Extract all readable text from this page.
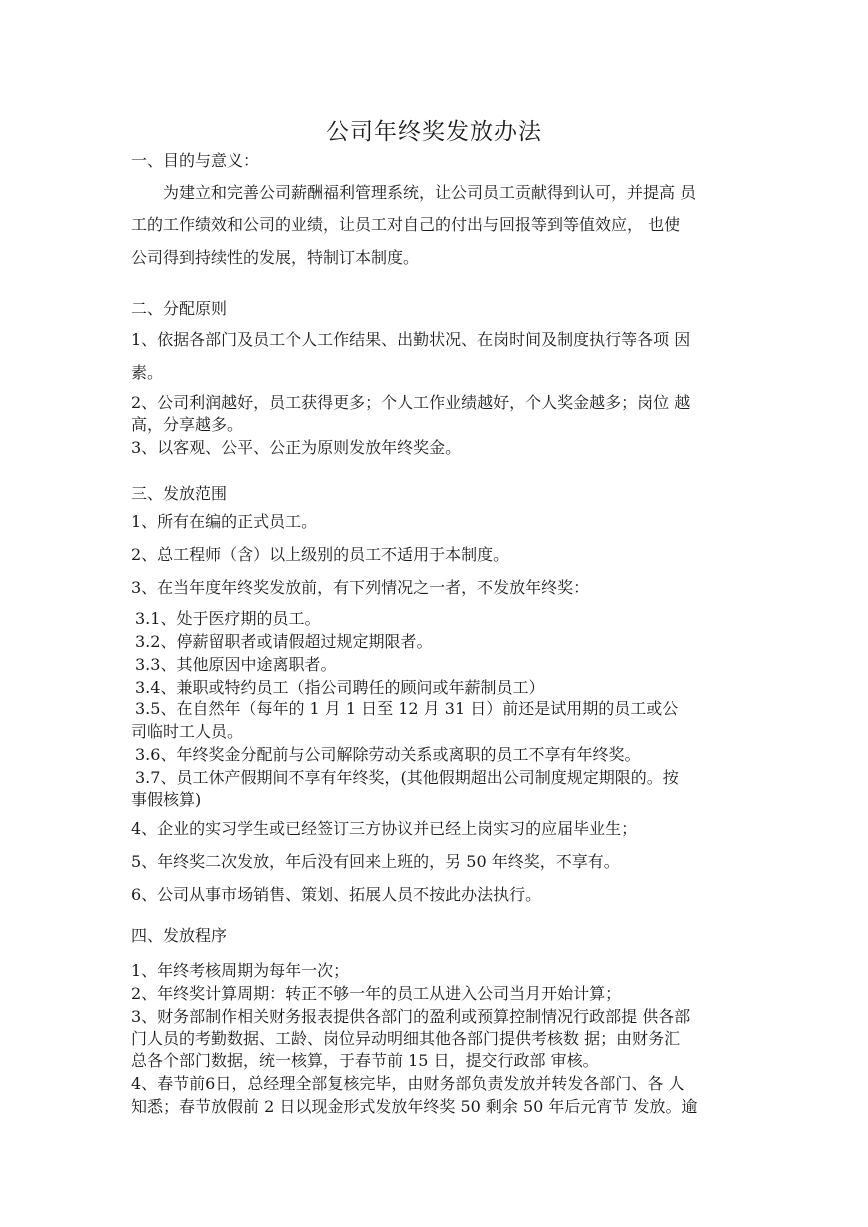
公司年终奖发放办法
一、目的与意义：
为建立和完善公司薪酬福利管理系统，让公司员工贡献得到认可，并提高 员
工的工作绩效和公司的业绩，让员工对自己的付出与回报等到等值效应， 也使
公司得到持续性的发展，特制订本制度。
二、分配原则
1、依据各部门及员工个人工作结果、出勤状况、在岗时间及制度执行等各项 因
素。
2、公司利润越好，员工获得更多；个人工作业绩越好，个人奖金越多；岗位 越
高，分享越多。
3、以客观、公平、公正为原则发放年终奖金。
三、发放范围
1、所有在编的正式员工。
2、总工程师（含）以上级别的员工不适用于本制度。
3、在当年度年终奖发放前，有下列情况之一者，不发放年终奖：
3.1、处于医疗期的员工。
3.2、停薪留职者或请假超过规定期限者。
3.3、其他原因中途离职者。
3.4、兼职或特约员工（指公司聘任的顾问或年薪制员工）
3.5、在自然年（每年的 1 月 1 日至 12 月 31 日）前还是试用期的员工或公
司临时工人员。
3.6、年终奖金分配前与公司解除劳动关系或离职的员工不享有年终奖。
3.7、员工休产假期间不享有年终奖，(其他假期超出公司制度规定期限的。按
事假核算)
4、企业的实习学生或已经签订三方协议并已经上岗实习的应届毕业生；
5、年终奖二次发放，年后没有回来上班的，另 50 年终奖，不享有。
6、公司从事市场销售、策划、拓展人员不按此办法执行。
四、发放程序
1、年终考核周期为每年一次；
2、年终奖计算周期：转正不够一年的员工从进入公司当月开始计算；
3、财务部制作相关财务报表提供各部门的盈利或预算控制情况行政部提 供各部
门人员的考勤数据、工龄、岗位异动明细其他各部门提供考核数 据；由财务汇
总各个部门数据，统一核算，于春节前 15 日，提交行政部 审核。
4、春节前6日，总经理全部复核完毕，由财务部负责发放并转发各部门、各 人
知悉；春节放假前 2 日以现金形式发放年终奖 50 剩余 50 年后元宵节 发放。逾
